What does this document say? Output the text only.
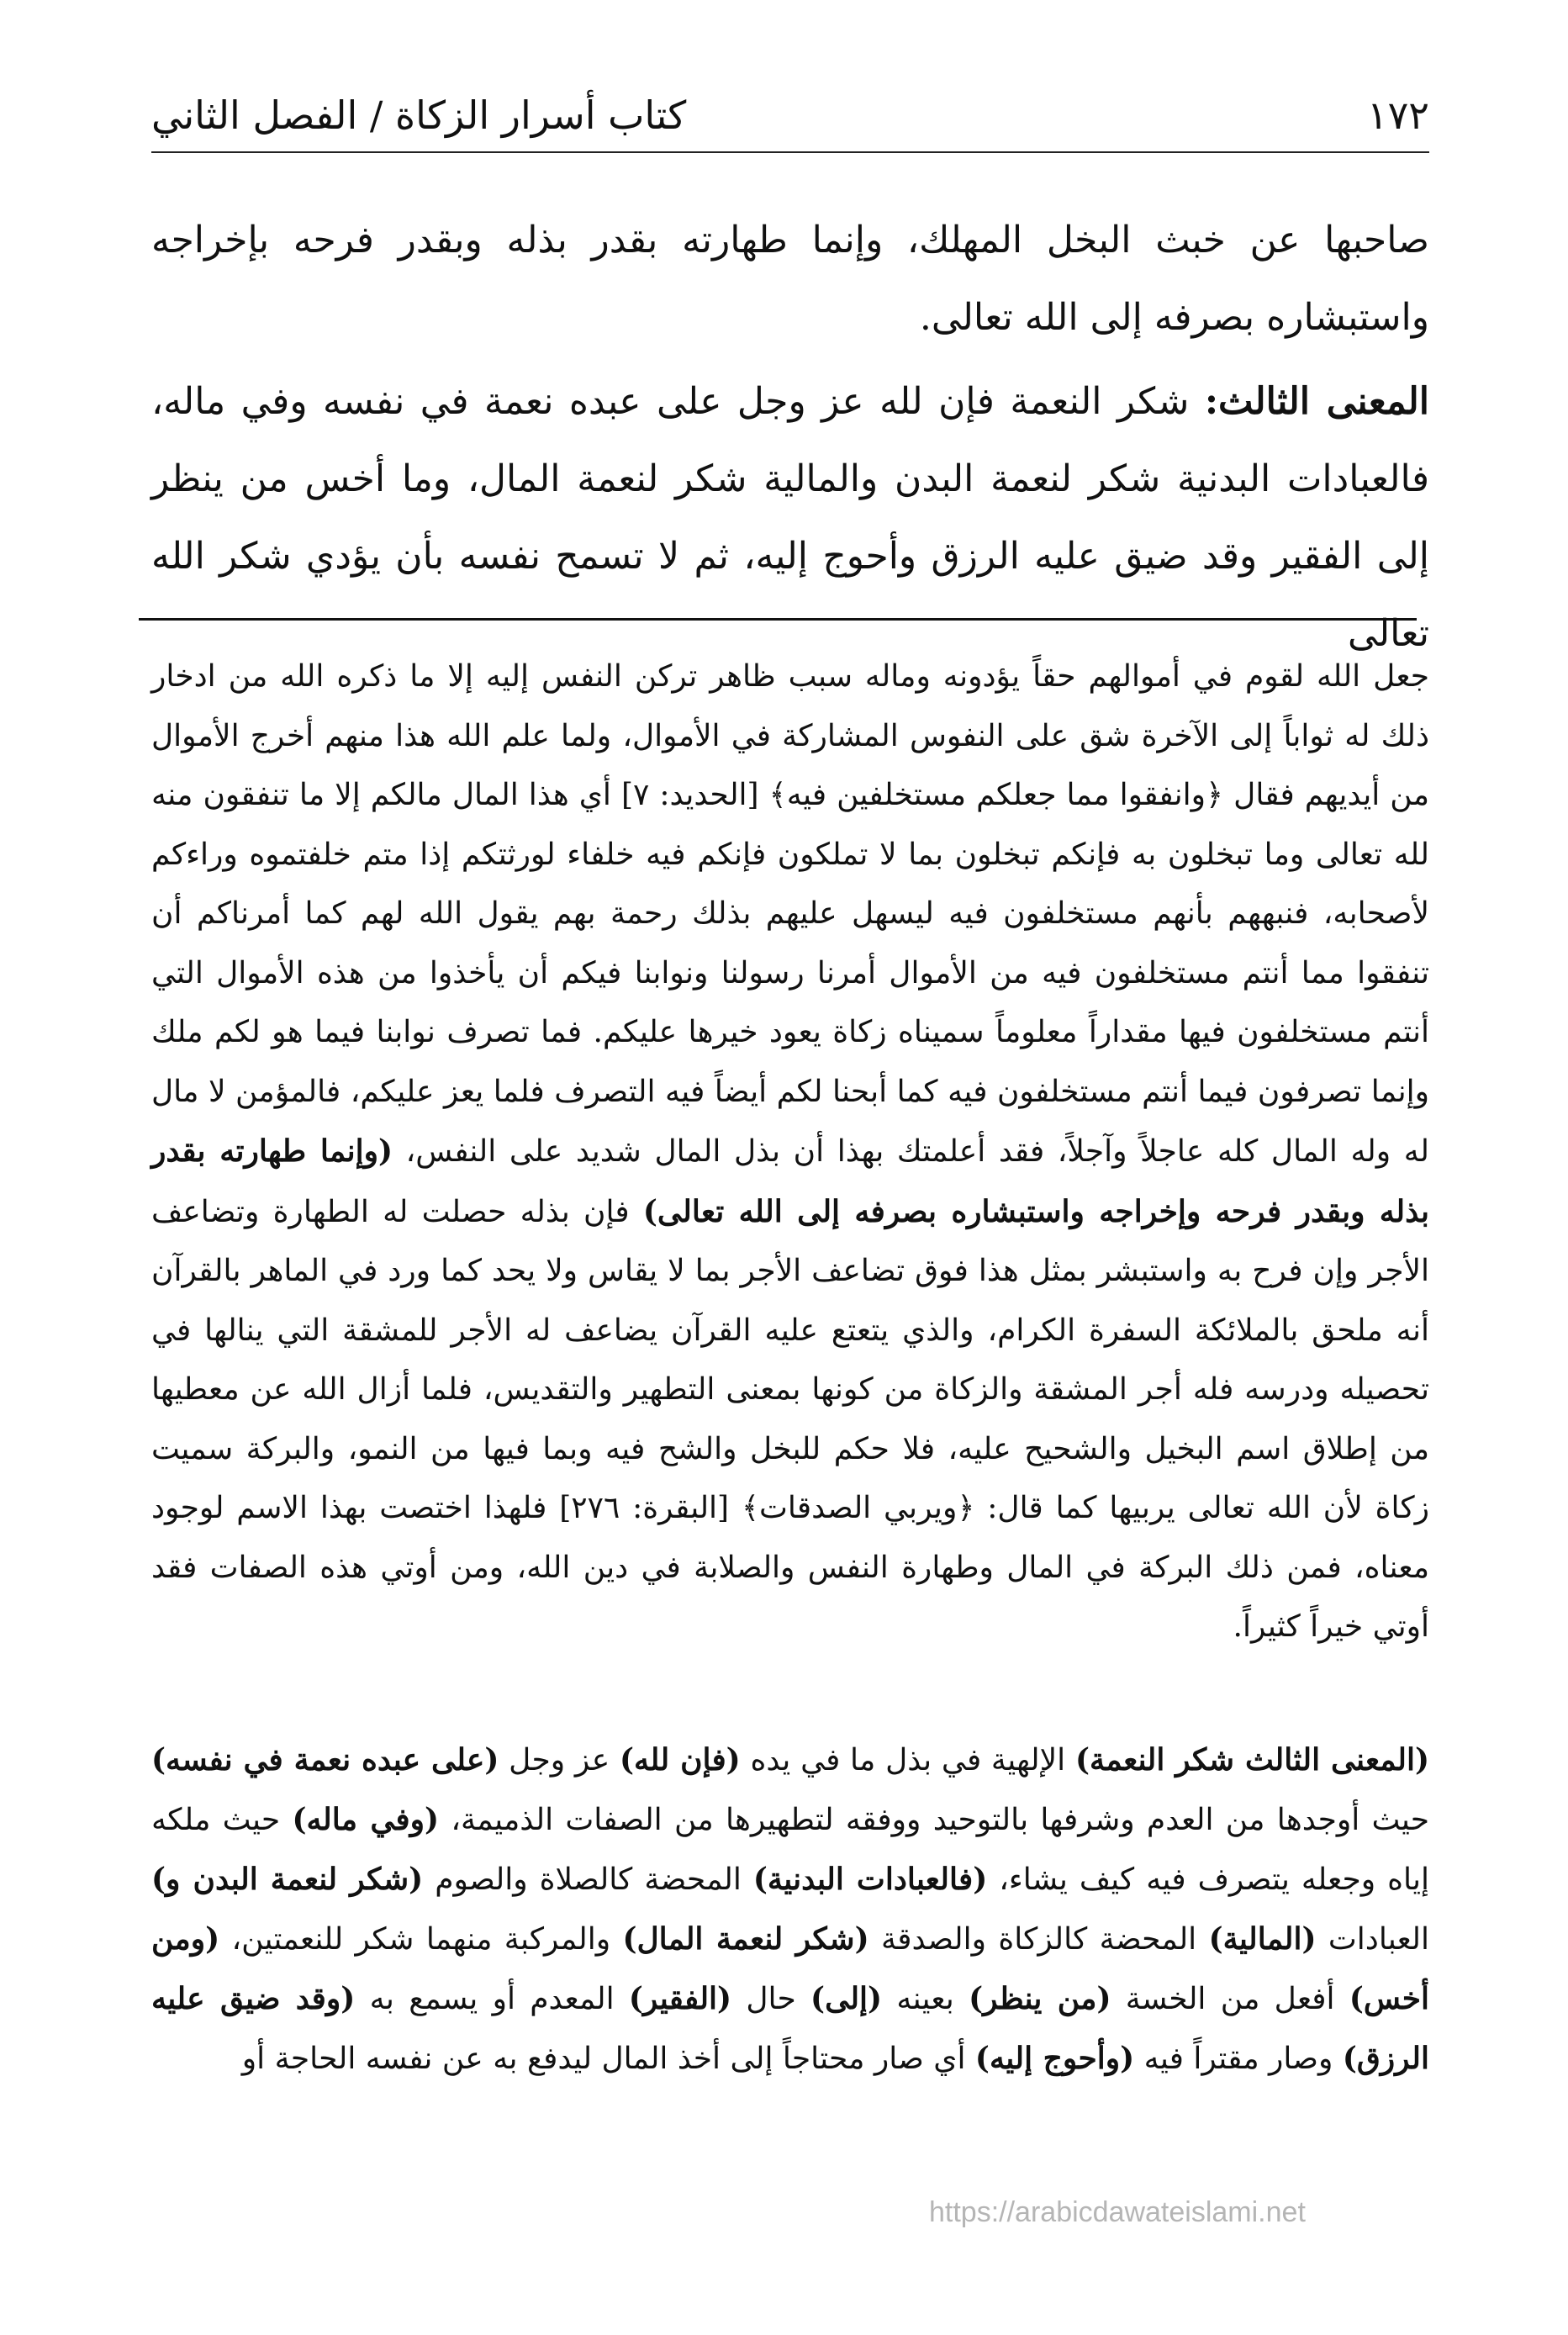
١٧٢
كتاب أسرار الزكاة / الفصل الثاني

صاحبها عن خبث البخل المهلك، وإنما طهارته بقدر بذله وبقدر فرحه بإخراجه واستبشاره بصرفه إلى الله تعالى.

المعنى الثالث: شكر النعمة فإن لله عز وجل على عبده نعمة في نفسه وفي ماله، فالعبادات البدنية شكر لنعمة البدن والمالية شكر لنعمة المال، وما أخس من ينظر إلى الفقير وقد ضيق عليه الرزق وأحوج إليه، ثم لا تسمح نفسه بأن يؤدي شكر الله تعالى

جعل الله لقوم في أموالهم حقاً يؤدونه وماله سبب ظاهر تركن النفس إليه إلا ما ذكره الله من ادخار ذلك له ثواباً إلى الآخرة شق على النفوس المشاركة في الأموال، ولما علم الله هذا منهم أخرج الأموال من أيديهم فقال ﴿وانفقوا مما جعلكم مستخلفين فيه﴾ [الحديد: ٧] أي هذا المال مالكم إلا ما تنفقون منه لله تعالى وما تبخلون به فإنكم تبخلون بما لا تملكون فإنكم فيه خلفاء لورثتكم إذا متم خلفتموه وراءكم لأصحابه، فنبههم بأنهم مستخلفون فيه ليسهل عليهم بذلك رحمة بهم يقول الله لهم كما أمرناكم أن تنفقوا مما أنتم مستخلفون فيه من الأموال أمرنا رسولنا ونوابنا فيكم أن يأخذوا من هذه الأموال التي أنتم مستخلفون فيها مقداراً معلوماً سميناه زكاة يعود خيرها عليكم. فما تصرف نوابنا فيما هو لكم ملك وإنما تصرفون فيما أنتم مستخلفون فيه كما أبحنا لكم أيضاً فيه التصرف فلما يعز عليكم، فالمؤمن لا مال له وله المال كله عاجلاً وآجلاً، فقد أعلمتك بهذا أن بذل المال شديد على النفس، (وإنما طهارته بقدر بذله وبقدر فرحه وإخراجه واستبشاره بصرفه إلى الله تعالى) فإن بذله حصلت له الطهارة وتضاعف الأجر وإن فرح به واستبشر بمثل هذا فوق تضاعف الأجر بما لا يقاس ولا يحد كما ورد في الماهر بالقرآن أنه ملحق بالملائكة السفرة الكرام، والذي يتعتع عليه القرآن يضاعف له الأجر للمشقة التي ينالها في تحصيله ودرسه فله أجر المشقة والزكاة من كونها بمعنى التطهير والتقديس، فلما أزال الله عن معطيها من إطلاق اسم البخيل والشحيح عليه، فلا حكم للبخل والشح فيه وبما فيها من النمو، والبركة سميت زكاة لأن الله تعالى يربيها كما قال: ﴿ويربي الصدقات﴾ [البقرة: ٢٧٦] فلهذا اختصت بهذا الاسم لوجود معناه، فمن ذلك البركة في المال وطهارة النفس والصلابة في دين الله، ومن أوتي هذه الصفات فقد أوتي خيراً كثيراً.

(المعنى الثالث شكر النعمة) الإلهية في بذل ما في يده (فإن لله) عز وجل (على عبده نعمة في نفسه) حيث أوجدها من العدم وشرفها بالتوحيد ووفقه لتطهيرها من الصفات الذميمة، (وفي ماله) حيث ملكه إياه وجعله يتصرف فيه كيف يشاء، (فالعبادات البدنية) المحضة كالصلاة والصوم (شكر لنعمة البدن و) العبادات (المالية) المحضة كالزكاة والصدقة (شكر لنعمة المال) والمركبة منهما شكر للنعمتين، (ومن أخس) أفعل من الخسة (من ينظر) بعينه (إلى) حال (الفقير) المعدم أو يسمع به (وقد ضيق عليه الرزق) وصار مقتراً فيه (وأحوج إليه) أي صار محتاجاً إلى أخذ المال ليدفع به عن نفسه الحاجة أو

https://arabicdawateislami.net
